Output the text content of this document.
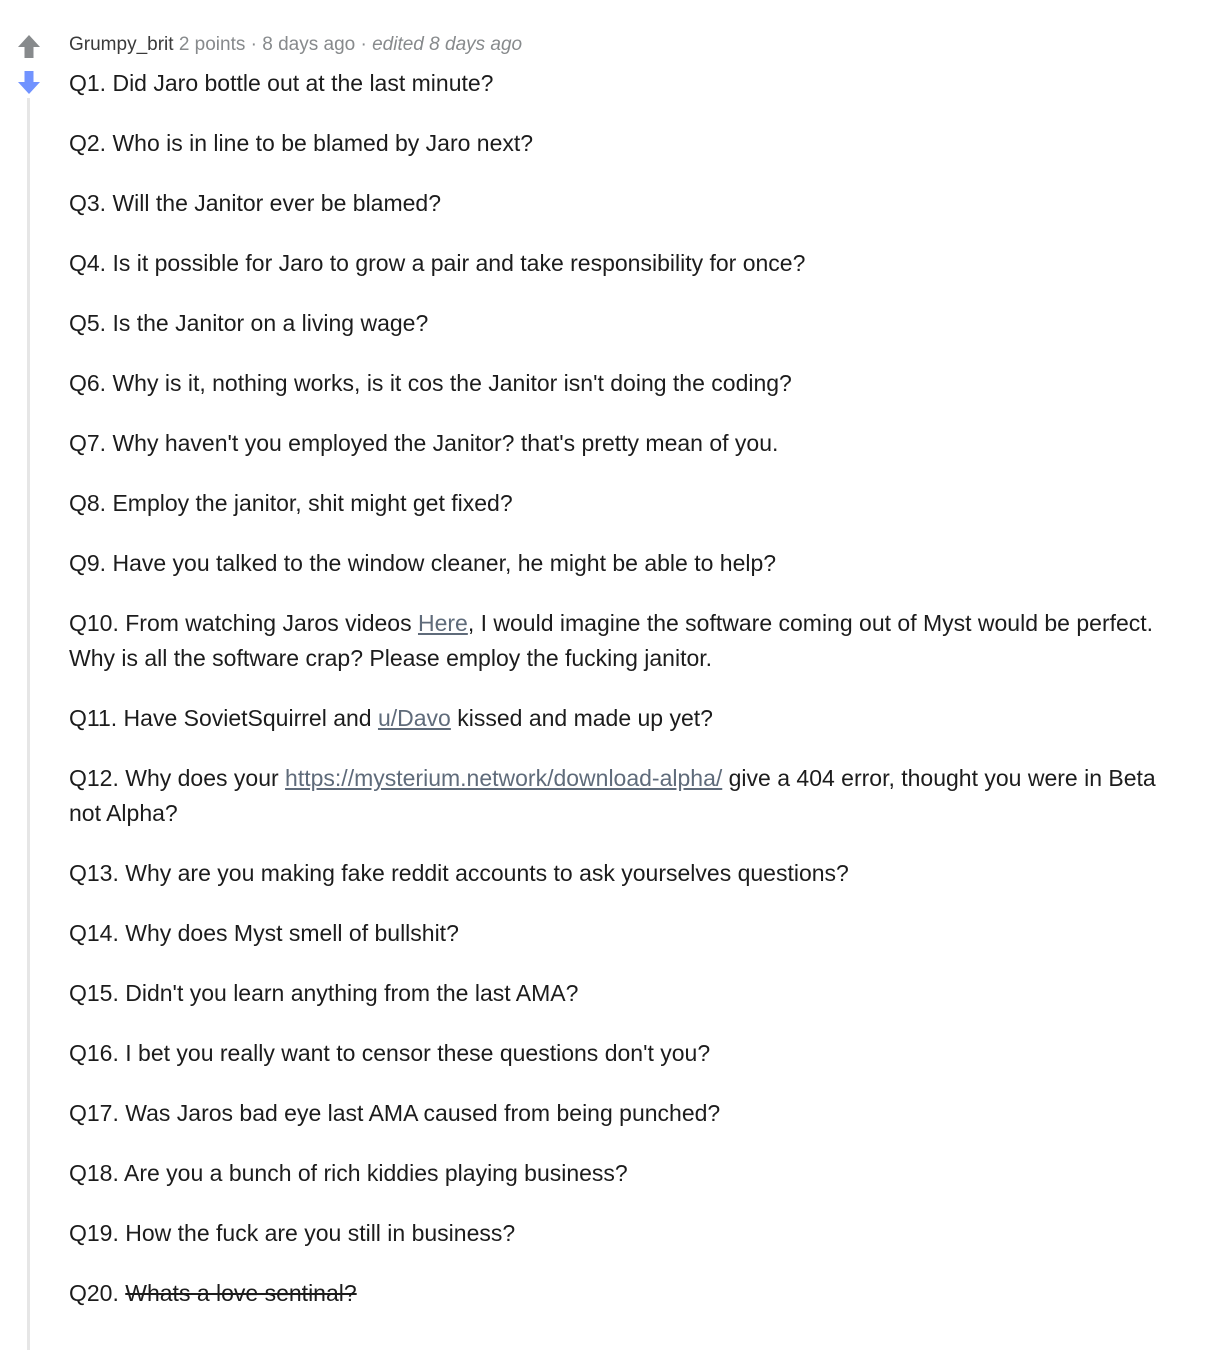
Grumpy_brit 2 points · 8 days ago · edited 8 days ago

Q1. Did Jaro bottle out at the last minute?

Q2. Who is in line to be blamed by Jaro next?

Q3. Will the Janitor ever be blamed?

Q4. Is it possible for Jaro to grow a pair and take responsibility for once?

Q5. Is the Janitor on a living wage?

Q6. Why is it, nothing works, is it cos the Janitor isn't doing the coding?

Q7. Why haven't you employed the Janitor? that's pretty mean of you.

Q8. Employ the janitor, shit might get fixed?

Q9. Have you talked to the window cleaner, he might be able to help?

Q10. From watching Jaros videos Here, I would imagine the software coming out of Myst would be perfect. Why is all the software crap? Please employ the fucking janitor.

Q11. Have SovietSquirrel and u/Davo kissed and made up yet?

Q12. Why does your https://mysterium.network/download-alpha/ give a 404 error, thought you were in Beta not Alpha?

Q13. Why are you making fake reddit accounts to ask yourselves questions?

Q14. Why does Myst smell of bullshit?

Q15. Didn't you learn anything from the last AMA?

Q16. I bet you really want to censor these questions don't you?

Q17. Was Jaros bad eye last AMA caused from being punched?

Q18. Are you a bunch of rich kiddies playing business?

Q19. How the fuck are you still in business?

Q20. Whats a love sentinal?
